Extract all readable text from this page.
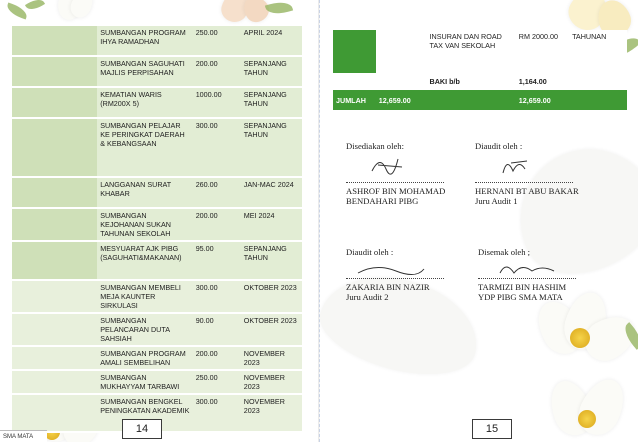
	SUMBANGAN PROGRAM IHYA RAMADHAN	250.00	APRIL 2024
	SUMBANGAN SAGUHATI MAJLIS PERPISAHAN	200.00	SEPANJANG TAHUN
	KEMATIAN WARIS (RM200X 5)	1000.00	SEPANJANG TAHUN
	SUMBANGAN PELAJAR KE PERINGKAT DAERAH & KEBANGSAAN	300.00	SEPANJANG TAHUN
	LANGGANAN SURAT KHABAR	260.00	JAN-MAC 2024
	SUMBANGAN KEJOHANAN SUKAN TAHUNAN SEKOLAH	200.00	MEI 2024
	MESYUARAT AJK PIBG (SAGUHATI&MAKANAN)	95.00	SEPANJANG TAHUN
	SUMBANGAN MEMBELI MEJA KAUNTER SIRKULASI	300.00	OKTOBER 2023
	SUMBANGAN PELANCARAN DUTA SAHSIAH	90.00	OKTOBER 2023
	SUMBANGAN PROGRAM AMALI SEMBELIHAN	200.00	NOVEMBER 2023
	SUMBANGAN MUKHAYYAM TARBAWI	250.00	NOVEMBER 2023
	SUMBANGAN BENGKEL PENINGKATAN AKADEMIK	300.00	NOVEMBER 2023
14
SMA MATA
15
		INSURAN DAN ROAD TAX VAN SEKOLAH	RM 2000.00	TAHUNAN
		BAKI b/b	1,164.00	
JUMLAH	12,659.00		12,659.00	
Disediakan oleh:
ASHROF BIN MOHAMAD
BENDAHARI PIBG
Diaudit oleh :
HERNANI BT ABU BAKAR
Juru Audit 1
Diaudit oleh :
ZAKARIA BIN NAZIR
Juru Audit 2
Disemak oleh ;
TARMIZI BIN HASHIM
YDP PIBG SMA MATA
